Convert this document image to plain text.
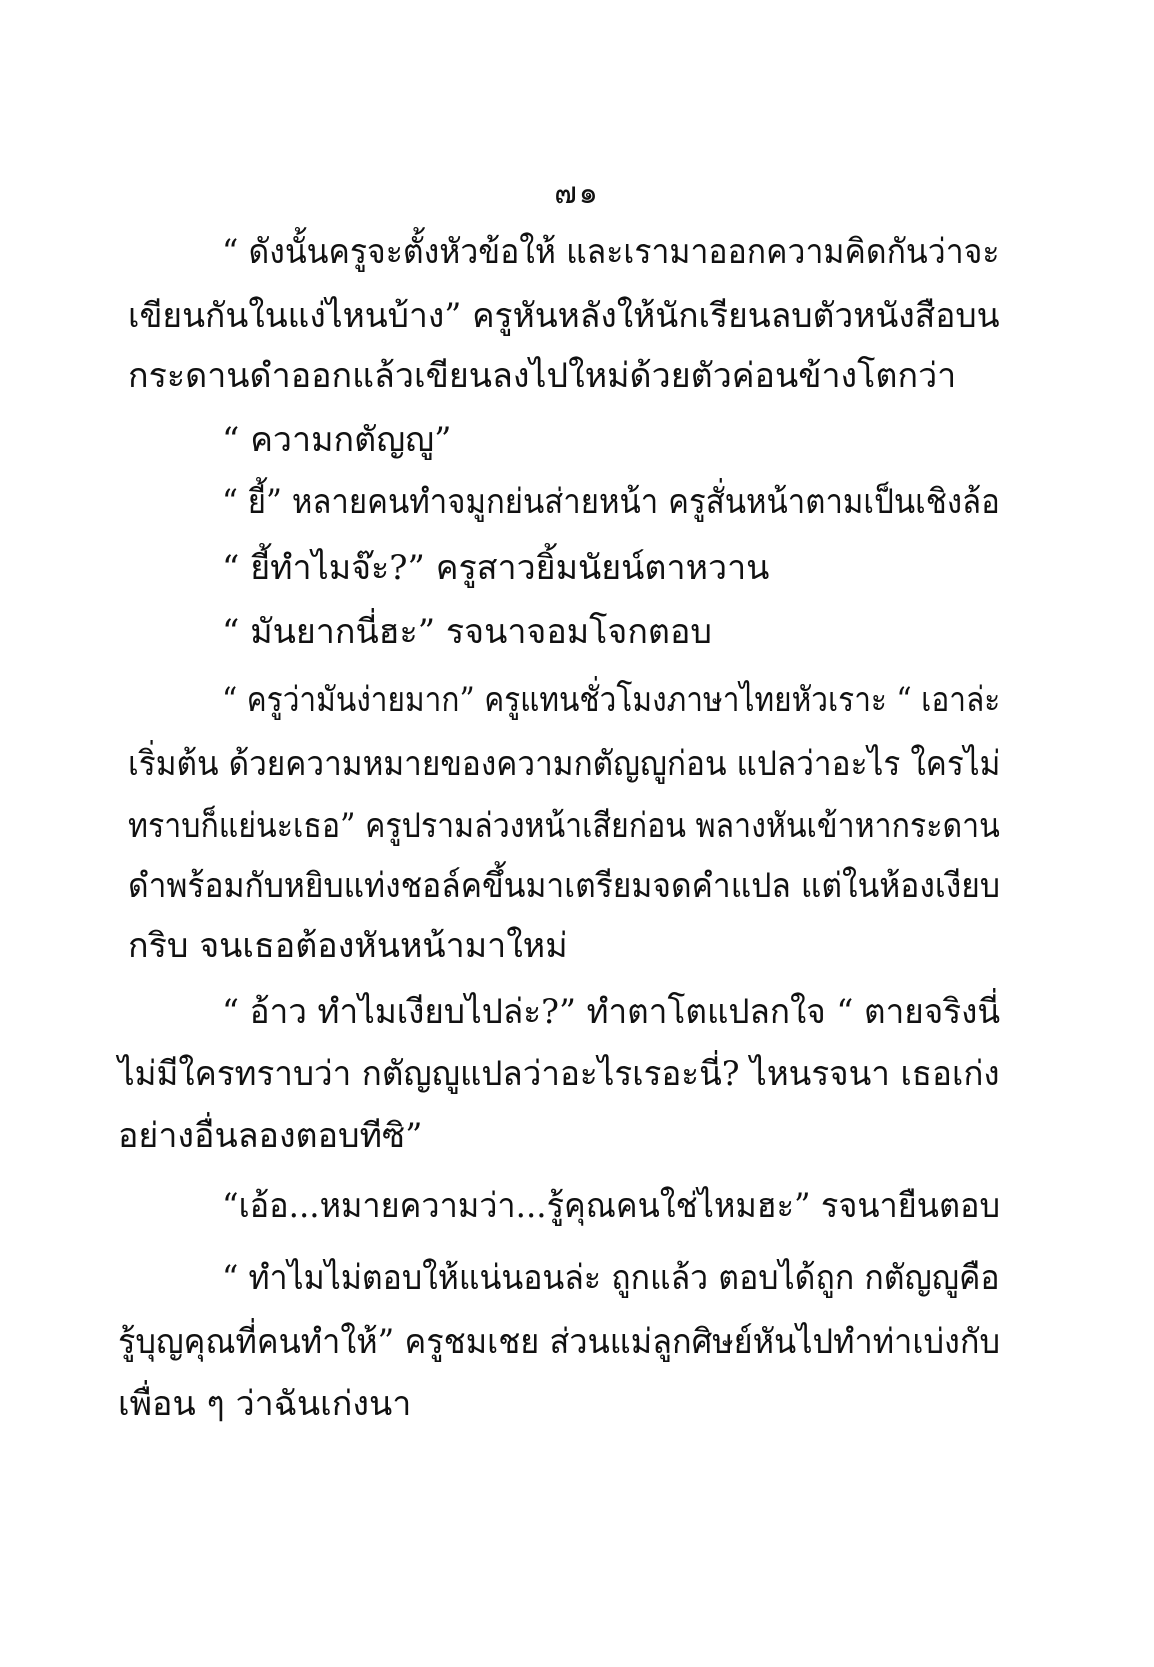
๗๑
“ ดังนั้นครูจะตั้งหัวข้อให้ และเรามาออกความคิดกันว่าจะ
เขียนกันในแง่ไหนบ้าง” ครูหันหลังให้นักเรียนลบตัวหนังสือบน
กระดานดำออกแล้วเขียนลงไปใหม่ด้วยตัวค่อนข้างโตกว่า
“ ความกตัญญู”
“ ยี้” หลายคนทำจมูกย่นส่ายหน้า ครูสั่นหน้าตามเป็นเชิงล้อ
“ ยี้ทำไมจ๊ะ?” ครูสาวยิ้มนัยน์ตาหวาน
“ มันยากนี่ฮะ” รจนาจอมโจกตอบ
“ ครูว่ามันง่ายมาก” ครูแทนชั่วโมงภาษาไทยหัวเราะ “ เอาล่ะ
เริ่มต้น ด้วยความหมายของความกตัญญูก่อน แปลว่าอะไร ใครไม่
ทราบก็แย่นะเธอ” ครูปรามล่วงหน้าเสียก่อน พลางหันเข้าหากระดาน
ดำพร้อมกับหยิบแท่งชอล์คขึ้นมาเตรียมจดคำแปล แต่ในห้องเงียบ
กริบ จนเธอต้องหันหน้ามาใหม่
“ อ้าว ทำไมเงียบไปล่ะ?” ทำตาโตแปลกใจ “ ตายจริงนี่
ไม่มีใครทราบว่า กตัญญูแปลว่าอะไรเรอะนี่? ไหนรจนา เธอเก่ง
อย่างอื่นลองตอบทีซิ”
“เอ้อ...หมายความว่า...รู้คุณคนใช่ไหมฮะ” รจนายืนตอบ
“ ทำไมไม่ตอบให้แน่นอนล่ะ ถูกแล้ว ตอบได้ถูก กตัญญูคือ
รู้บุญคุณที่คนทำให้” ครูชมเชย ส่วนแม่ลูกศิษย์หันไปทำท่าเบ่งกับ
เพื่อน ๆ ว่าฉันเก่งนา
